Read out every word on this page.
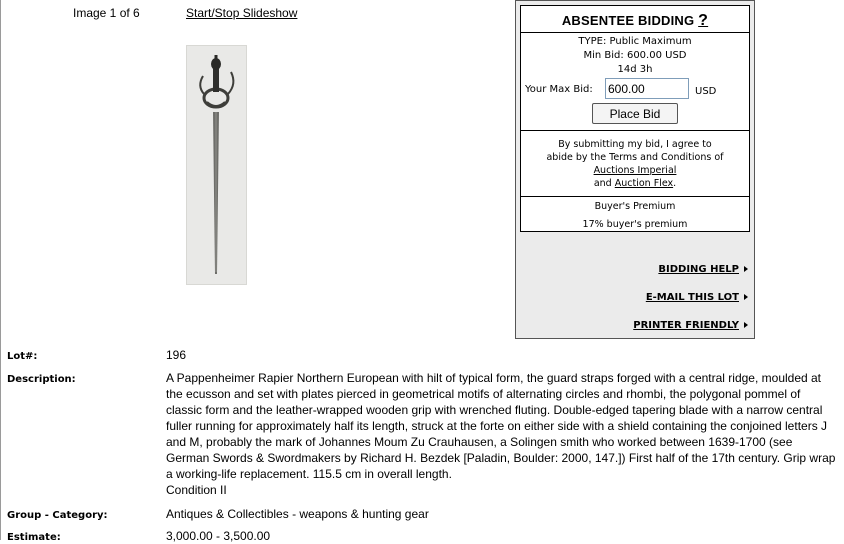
Image 1 of 6	Start/Stop Slideshow	ABSENTEE BIDDING ?
TYPE: Public Maximum
Min Bid: 600.00 USD
14d 3h
Your Max Bid:
600.00	USD
Place Bid
By submitting my bid, I agree to
abide by the Terms and Conditions of
Auctions Imperial
and Auction Flex.
Buyer's Premium
17% buyer's premium
BIDDING HELP
E-MAIL THIS LOT
PRINTER FRIENDLY
Lot#:	196
Description:	A Pappenheimer Rapier Northern European with hilt of typical form, the guard straps forged with a central ridge, moulded at the ecusson and set with plates pierced in geometrical motifs of alternating circles and rhombi, the polygonal pommel of classic form and the leather-wrapped wooden grip with wrenched fluting. Double-edged tapering blade with a narrow central fuller running for approximately half its length, struck at the forte on either side with a shield containing the conjoined letters J and M, probably the mark of Johannes Moum Zu Crauhausen, a Solingen smith who worked between 1639-1700 (see German Swords & Swordmakers by Richard H. Bezdek [Paladin, Boulder: 2000, 147.]) First half of the 17th century. Grip wrap a working-life replacement. 115.5 cm in overall length.
Condition II
Group - Category:	Antiques & Collectibles - weapons & hunting gear
Estimate:	3,000.00 - 3,500.00
